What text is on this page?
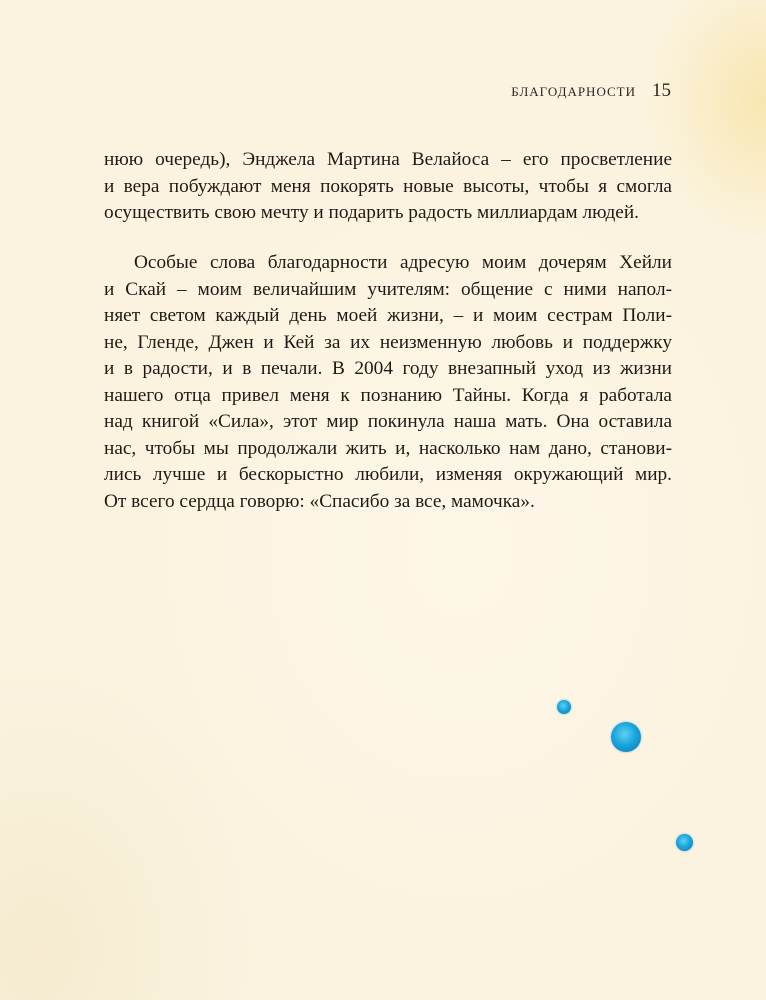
БЛАГОДАРНОСТИ 15
нюю очередь), Энджела Мартина Велайоса – его просветление
и вера побуждают меня покорять новые высоты, чтобы я смогла
осуществить свою мечту и подарить радость миллиардам людей.
Особые слова благодарности адресую моим дочерям Хейли
и Скай – моим величайшим учителям: общение с ними напол-
няет светом каждый день моей жизни, – и моим сестрам Поли-
не, Гленде, Джен и Кей за их неизменную любовь и поддержку
и в радости, и в печали. В 2004 году внезапный уход из жизни
нашего отца привел меня к познанию Тайны. Когда я работала
над книгой «Сила», этот мир покинула наша мать. Она оставила
нас, чтобы мы продолжали жить и, насколько нам дано, станови-
лись лучше и бескорыстно любили, изменяя окружающий мир.
От всего сердца говорю: «Спасибо за все, мамочка».
